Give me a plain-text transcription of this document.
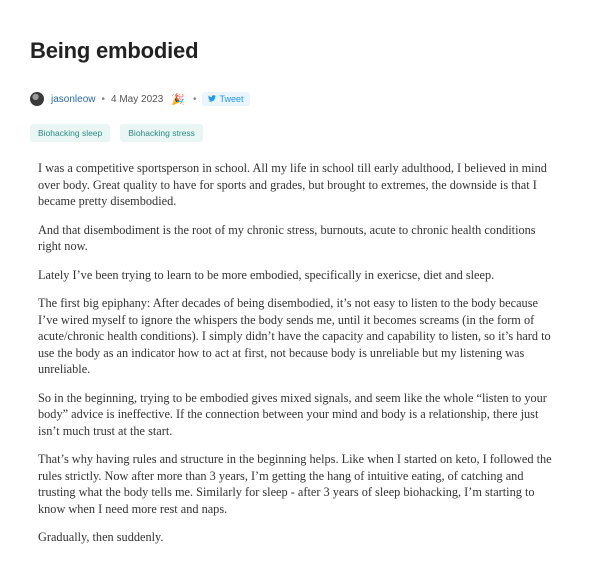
Being embodied
jasonleow • 4 May 2023 🎉 •	Tweet
Biohacking sleep	Biohacking stress

I was a competitive sportsperson in school. All my life in school till early adulthood, I believed in mind over body. Great quality to have for sports and grades, but brought to extremes, the downside is that I became pretty disembodied.

And that disembodiment is the root of my chronic stress, burnouts, acute to chronic health conditions right now.

Lately I’ve been trying to learn to be more embodied, specifically in exericse, diet and sleep.

The first big epiphany: After decades of being disembodied, it’s not easy to listen to the body because I’ve wired myself to ignore the whispers the body sends me, until it becomes screams (in the form of acute/chronic health conditions). I simply didn’t have the capacity and capability to listen, so it’s hard to use the body as an indicator how to act at first, not because body is unreliable but my listening was unreliable.

So in the beginning, trying to be embodied gives mixed signals, and seem like the whole “listen to your body” advice is ineffective. If the connection between your mind and body is a relationship, there just isn’t much trust at the start.

That’s why having rules and structure in the beginning helps. Like when I started on keto, I followed the rules strictly. Now after more than 3 years, I’m getting the hang of intuitive eating, of catching and trusting what the body tells me. Similarly for sleep - after 3 years of sleep biohacking, I’m starting to know when I need more rest and naps.

Gradually, then suddenly.
